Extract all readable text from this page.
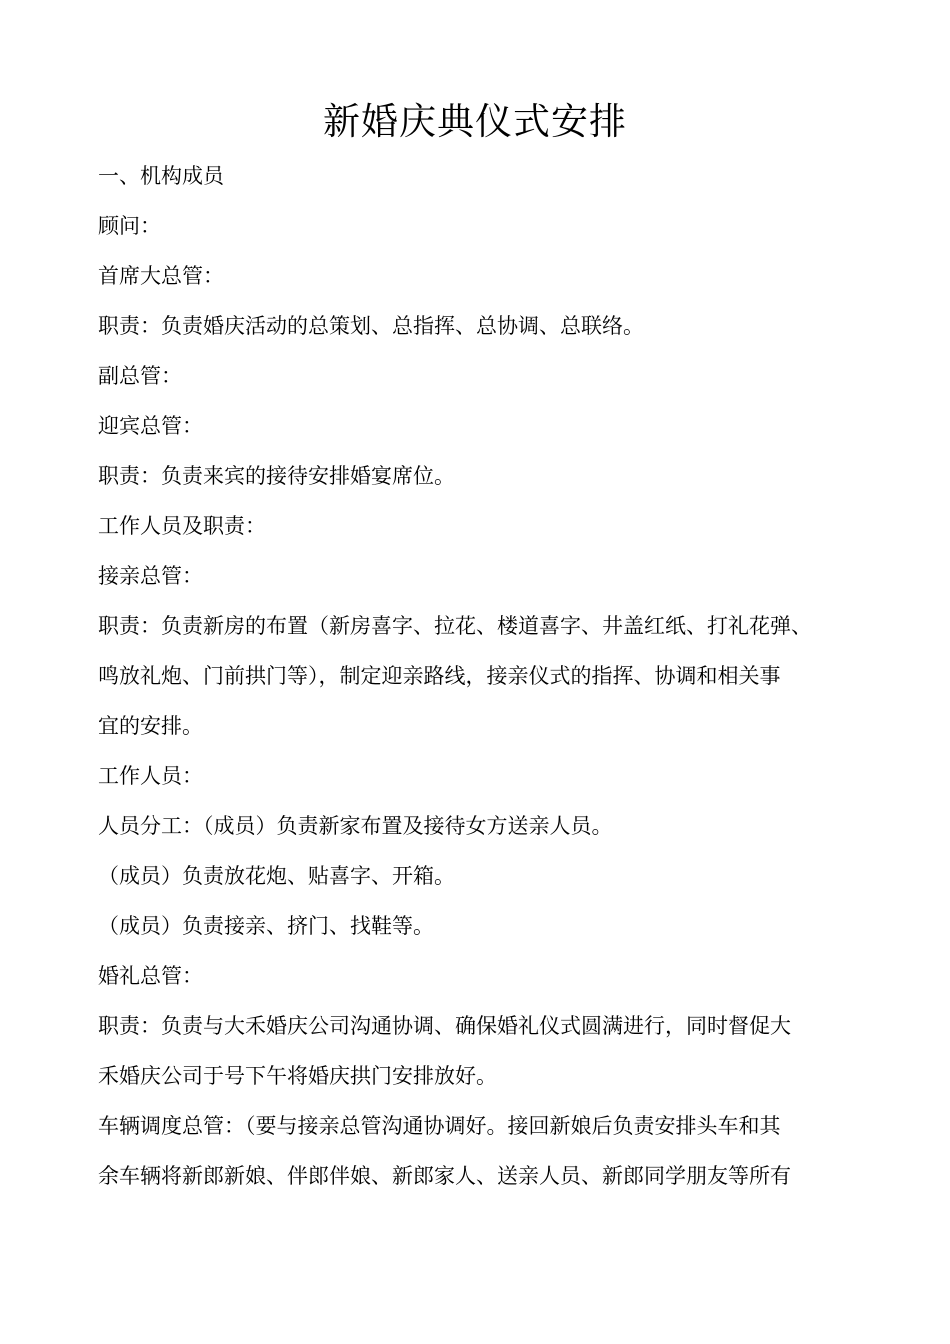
新婚庆典仪式安排
一、机构成员
顾问：
首席大总管：
职责：负责婚庆活动的总策划、总指挥、总协调、总联络。
副总管：
迎宾总管：
职责：负责来宾的接待安排婚宴席位。
工作人员及职责：
接亲总管：
职责：负责新房的布置（新房喜字、拉花、楼道喜字、井盖红纸、打礼花弹、
鸣放礼炮、门前拱门等），制定迎亲路线，接亲仪式的指挥、协调和相关事
宜的安排。
工作人员：
人员分工：（成员）负责新家布置及接待女方送亲人员。
（成员）负责放花炮、贴喜字、开箱。
（成员）负责接亲、挤门、找鞋等。
婚礼总管：
职责：负责与大禾婚庆公司沟通协调、确保婚礼仪式圆满进行，同时督促大
禾婚庆公司于号下午将婚庆拱门安排放好。
车辆调度总管：（要与接亲总管沟通协调好。接回新娘后负责安排头车和其
余车辆将新郎新娘、伴郎伴娘、新郎家人、送亲人员、新郎同学朋友等所有
